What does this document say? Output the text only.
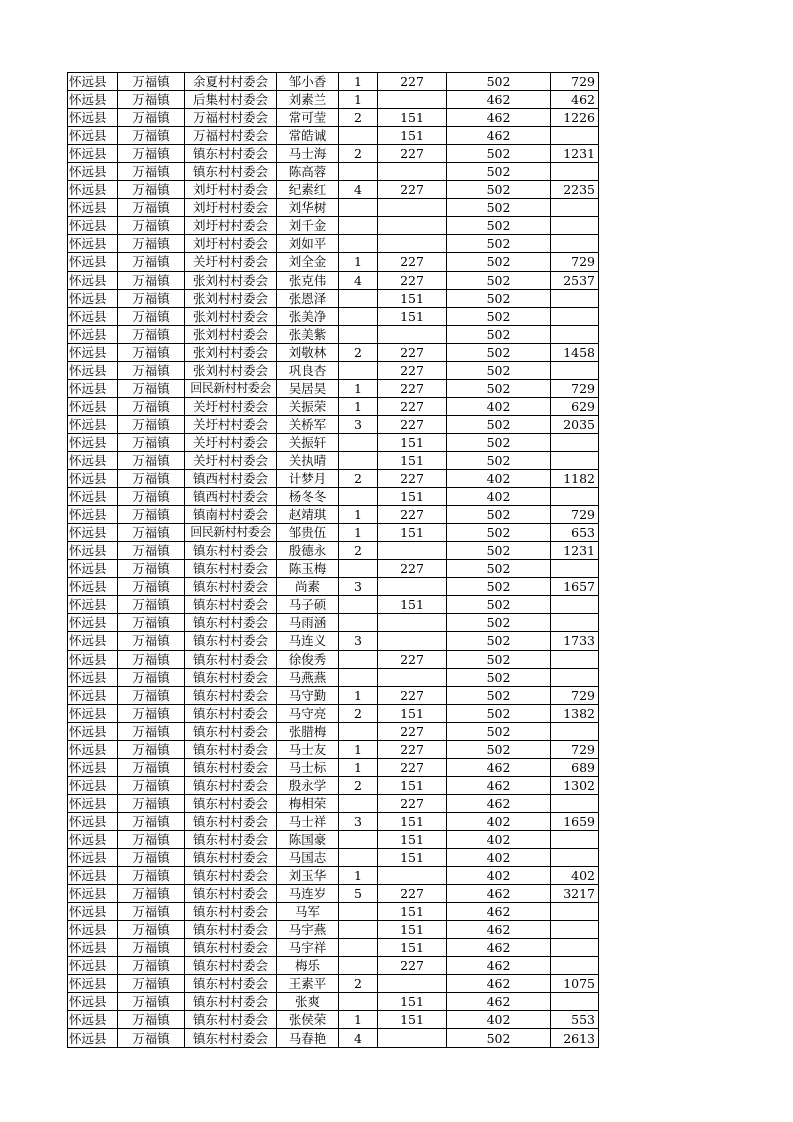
怀远县	万福镇	余夏村村委会	邹小香	1	227	502	729
怀远县	万福镇	后集村村委会	刘素兰	1		462	462
怀远县	万福镇	万福村村委会	常可莹	2	151	462	1226
怀远县	万福镇	万福村村委会	常皓诚		151	462	
怀远县	万福镇	镇东村村委会	马士海	2	227	502	1231
怀远县	万福镇	镇东村村委会	陈高蓉			502	
怀远县	万福镇	刘圩村村委会	纪素红	4	227	502	2235
怀远县	万福镇	刘圩村村委会	刘华树			502	
怀远县	万福镇	刘圩村村委会	刘千金			502	
怀远县	万福镇	刘圩村村委会	刘如平			502	
怀远县	万福镇	关圩村村委会	刘全金	1	227	502	729
怀远县	万福镇	张刘村村委会	张克伟	4	227	502	2537
怀远县	万福镇	张刘村村委会	张恩泽		151	502	
怀远县	万福镇	张刘村村委会	张美净		151	502	
怀远县	万福镇	张刘村村委会	张美紫			502	
怀远县	万福镇	张刘村村委会	刘敬林	2	227	502	1458
怀远县	万福镇	张刘村村委会	巩良杏		227	502	
怀远县	万福镇	回民新村村委会	吴居昊	1	227	502	729
怀远县	万福镇	关圩村村委会	关振荣	1	227	402	629
怀远县	万福镇	关圩村村委会	关桥军	3	227	502	2035
怀远县	万福镇	关圩村村委会	关振轩		151	502	
怀远县	万福镇	关圩村村委会	关执晴		151	502	
怀远县	万福镇	镇西村村委会	计梦月	2	227	402	1182
怀远县	万福镇	镇西村村委会	杨冬冬		151	402	
怀远县	万福镇	镇南村村委会	赵靖琪	1	227	502	729
怀远县	万福镇	回民新村村委会	邹贵伍	1	151	502	653
怀远县	万福镇	镇东村村委会	殷德永	2		502	1231
怀远县	万福镇	镇东村村委会	陈玉梅		227	502	
怀远县	万福镇	镇东村村委会	尚素	3		502	1657
怀远县	万福镇	镇东村村委会	马子硕		151	502	
怀远县	万福镇	镇东村村委会	马雨涵			502	
怀远县	万福镇	镇东村村委会	马连义	3		502	1733
怀远县	万福镇	镇东村村委会	徐俊秀		227	502	
怀远县	万福镇	镇东村村委会	马燕燕			502	
怀远县	万福镇	镇东村村委会	马守勤	1	227	502	729
怀远县	万福镇	镇东村村委会	马守亮	2	151	502	1382
怀远县	万福镇	镇东村村委会	张腊梅		227	502	
怀远县	万福镇	镇东村村委会	马士友	1	227	502	729
怀远县	万福镇	镇东村村委会	马士标	1	227	462	689
怀远县	万福镇	镇东村村委会	殷永学	2	151	462	1302
怀远县	万福镇	镇东村村委会	梅相荣		227	462	
怀远县	万福镇	镇东村村委会	马士祥	3	151	402	1659
怀远县	万福镇	镇东村村委会	陈国豪		151	402	
怀远县	万福镇	镇东村村委会	马国志		151	402	
怀远县	万福镇	镇东村村委会	刘玉华	1		402	402
怀远县	万福镇	镇东村村委会	马连岁	5	227	462	3217
怀远县	万福镇	镇东村村委会	马军		151	462	
怀远县	万福镇	镇东村村委会	马宇燕		151	462	
怀远县	万福镇	镇东村村委会	马宇祥		151	462	
怀远县	万福镇	镇东村村委会	梅乐		227	462	
怀远县	万福镇	镇东村村委会	王素平	2		462	1075
怀远县	万福镇	镇东村村委会	张爽		151	462	
怀远县	万福镇	镇东村村委会	张侯荣	1	151	402	553
怀远县	万福镇	镇东村村委会	马春艳	4		502	2613
